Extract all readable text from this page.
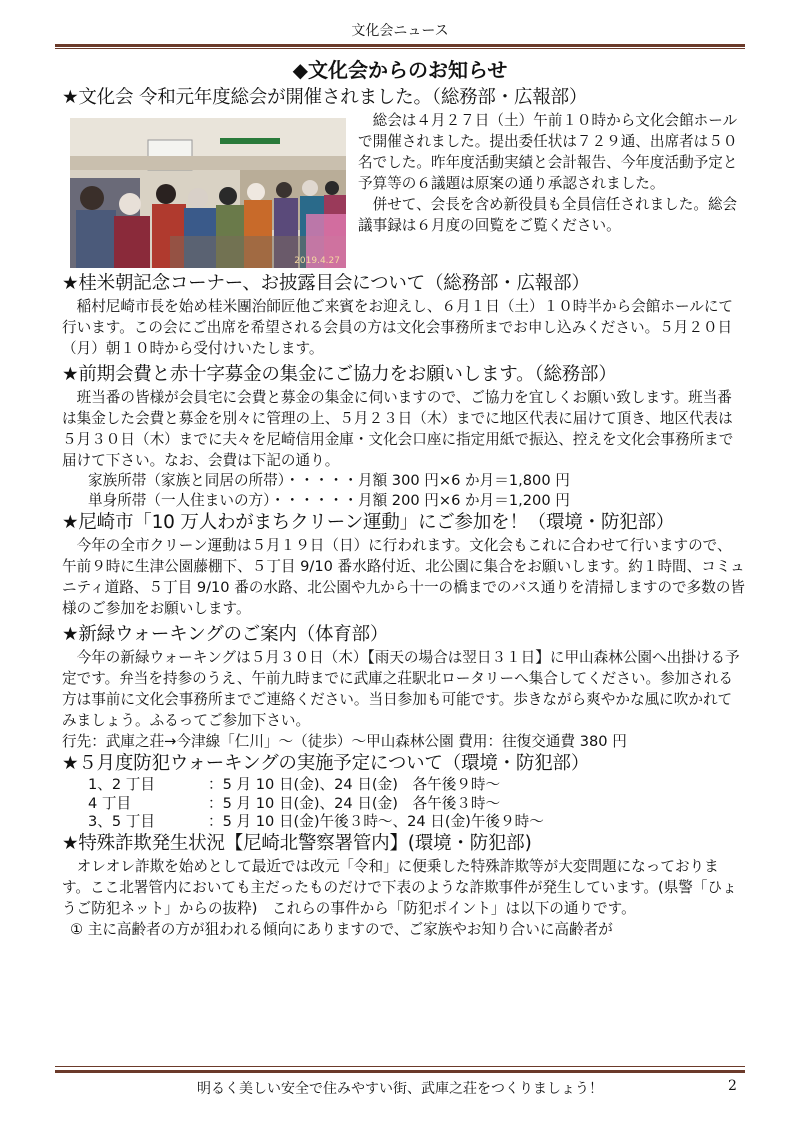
文化会ニュース
◆文化会からのお知らせ
★文化会 令和元年度総会が開催されました。（総務部・広報部）
2019.4.27

総会は４月２７日（土）午前１０時から文化会館ホールで開催されました。提出委任状は７２９通、出席者は５０名でした。昨年度活動実績と会計報告、今年度活動予定と予算等の６議題は原案の通り承認されました。

併せて、会長を含め新役員も全員信任されました。総会議事録は６月度の回覧をご覧ください。

★桂米朝記念コーナー、お披露目会について（総務部・広報部）

稲村尼崎市長を始め桂米團治師匠他ご来賓をお迎えし、６月１日（土）１０時半から会館ホールにて行います。この会にご出席を希望される会員の方は文化会事務所までお申し込みください。５月２０日（月）朝１０時から受付けいたします。

★前期会費と赤十字募金の集金にご協力をお願いします。（総務部）

班当番の皆様が会員宅に会費と募金の集金に伺いますので、ご協力を宜しくお願い致します。班当番は集金した会費と募金を別々に管理の上、５月２３日（木）までに地区代表に届けて頂き、地区代表は５月３０日（木）までに夫々を尼崎信用金庫・文化会口座に指定用紙で振込、控えを文化会事務所まで届けて下さい。なお、会費は下記の通り。

家族所帯（家族と同居の所帯）・・・・・月額 300 円×6 か月＝1,800 円
単身所帯（一人住まいの方）・・・・・・月額 200 円×6 か月＝1,200 円
★尼崎市「10 万人わがまちクリーン運動」にご参加を！（環境・防犯部）

今年の全市クリーン運動は５月１９日（日）に行われます。文化会もこれに合わせて行いますので、午前９時に生津公園藤棚下、５丁目 9/10 番水路付近、北公園に集合をお願いします。約１時間、コミュニティ道路、５丁目 9/10 番の水路、北公園や九から十一の橋までのバス通りを清掃しますので多数の皆様のご参加をお願いします。

★新緑ウォーキングのご案内（体育部）

今年の新緑ウォーキングは５月３０日（木）【雨天の場合は翌日３１日】に甲山森林公園へ出掛ける予定です。弁当を持参のうえ、午前九時までに武庫之荘駅北ロータリーへ集合してください。参加される方は事前に文化会事務所までご連絡ください。当日参加も可能です。歩きながら爽やかな風に吹かれてみましょう。ふるってご参加下さい。

行先：武庫之荘→今津線「仁川」～（徒歩）～甲山森林公園 費用：往復交通費 380 円

★５月度防犯ウォーキングの実施予定について（環境・防犯部）
1、2 丁目	：5 月 10 日(金)、24 日(金)　各午後９時～
4 丁目	：5 月 10 日(金)、24 日(金)　各午後３時～
3、5 丁目	：5 月 10 日(金)午後３時～、24 日(金)午後９時～
★特殊詐欺発生状況【尼崎北警察署管内】(環境・防犯部)

オレオレ詐欺を始めとして最近では改元「令和」に便乗した特殊詐欺等が大変問題になっております。ここ北署管内においても主だったものだけで下表のような詐欺事件が発生しています。(県警「ひょうご防犯ネット」からの抜粋)　これらの事件から「防犯ポイント」は以下の通りです。

① 主に高齢者の方が狙われる傾向にありますので、ご家族やお知り合いに高齢者が

明るく美しい安全で住みやすい街、武庫之荘をつくりましょう！	2
